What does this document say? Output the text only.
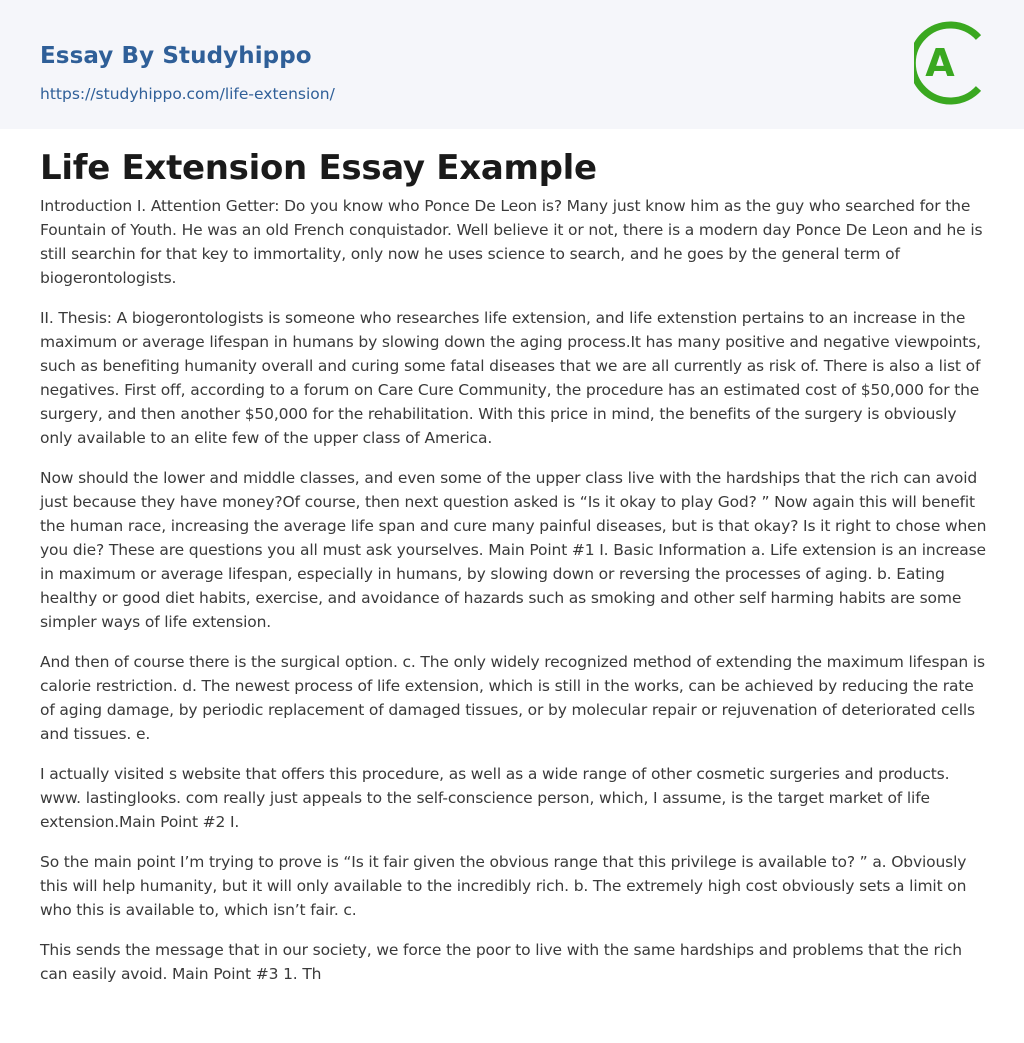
Essay By Studyhippo
https://studyhippo.com/life-extension/
A
Life Extension Essay Example

Introduction I. Attention Getter: Do you know who Ponce De Leon is? Many just know him as the guy who searched for the Fountain of Youth. He was an old French conquistador. Well believe it or not, there is a modern day Ponce De Leon and he is still searchin for that key to immortality, only now he uses science to search, and he goes by the general term of biogerontologists.

II. Thesis: A biogerontologists is someone who researches life extension, and life extenstion pertains to an increase in the maximum or average lifespan in humans by slowing down the aging process.It has many positive and negative viewpoints, such as benefiting humanity overall and curing some fatal diseases that we are all currently as risk of. There is also a list of negatives. First off, according to a forum on Care Cure Community, the procedure has an estimated cost of $50,000 for the surgery, and then another $50,000 for the rehabilitation. With this price in mind, the benefits of the surgery is obviously only available to an elite few of the upper class of America.

Now should the lower and middle classes, and even some of the upper class live with the hardships that the rich can avoid just because they have money?Of course, then next question asked is “Is it okay to play God? ” Now again this will benefit the human race, increasing the average life span and cure many painful diseases, but is that okay? Is it right to chose when you die? These are questions you all must ask yourselves. Main Point #1 I. Basic Information a. Life extension is an increase in maximum or average lifespan, especially in humans, by slowing down or reversing the processes of aging. b. Eating healthy or good diet habits, exercise, and avoidance of hazards such as smoking and other self harming habits are some simpler ways of life extension.

And then of course there is the surgical option. c. The only widely recognized method of extending the maximum lifespan is calorie restriction. d. The newest process of life extension, which is still in the works, can be achieved by reducing the rate of aging damage, by periodic replacement of damaged tissues, or by molecular repair or rejuvenation of deteriorated cells and tissues. e.

I actually visited s website that offers this procedure, as well as a wide range of other cosmetic surgeries and products. www. lastinglooks. com really just appeals to the self-conscience person, which, I assume, is the target market of life extension.Main Point #2 I.

So the main point I’m trying to prove is “Is it fair given the obvious range that this privilege is available to? ” a. Obviously this will help humanity, but it will only available to the incredibly rich. b. The extremely high cost obviously sets a limit on who this is available to, which isn’t fair. c.

This sends the message that in our society, we force the poor to live with the same hardships and problems that the rich can easily avoid. Main Point #3 1. Th
